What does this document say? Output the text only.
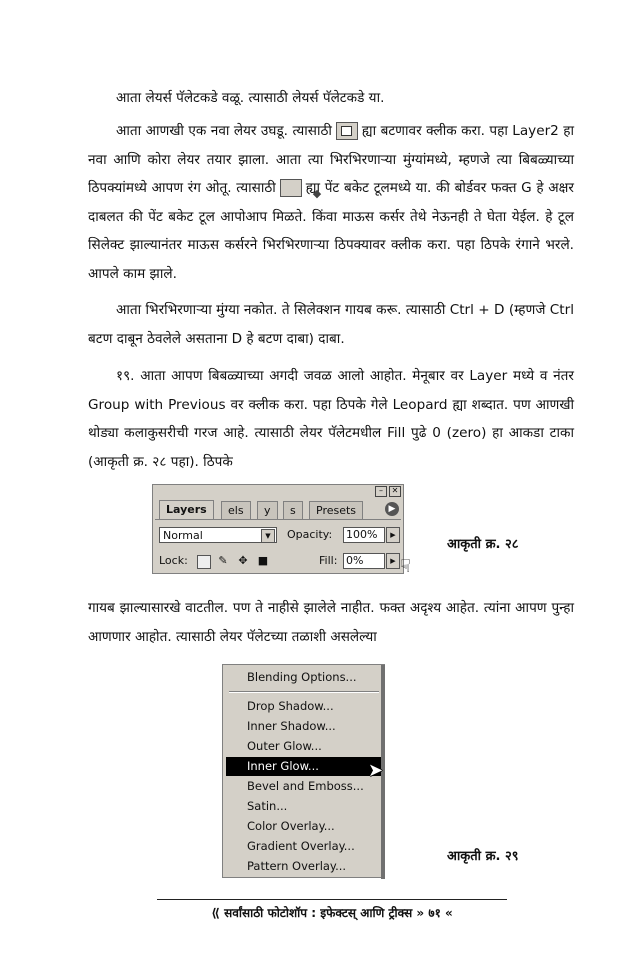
आता लेयर्स पॅलेटकडे वळू. त्यासाठी लेयर्स पॅलेटकडे या.

आता आणखी एक नवा लेयर उघडू. त्यासाठी ह्या बटणावर क्लीक करा. पहा Layer2 हा नवा आणि कोरा लेयर तयार झाला. आता त्या भिरभिरणाऱ्या मुंग्यांमध्ये, म्हणजे त्या बिबळ्याच्या ठिपक्यांमध्ये आपण रंग ओतू. त्यासाठी◆ ह्या पेंट बकेट टूलमध्ये या. की बोर्डवर फक्त G हे अक्षर दाबलत की पेंट बकेट टूल आपोआप मिळते. किंवा माऊस कर्सर तेथे नेऊनही ते घेता येईल. हे टूल सिलेक्ट झाल्यानंतर माऊस कर्सरने भिरभिरणाऱ्या ठिपक्यावर क्लीक करा. पहा ठिपके रंगाने भरले. आपले काम झाले.

आता भिरभिरणाऱ्या मुंग्या नकोत. ते सिलेक्शन गायब करू. त्यासाठी Ctrl + D (म्हणजे Ctrl बटण दाबून ठेवलेले असताना D हे बटण दाबा) दाबा.

१९. आता आपण बिबळ्याच्या अगदी जवळ आलो आहोत. मेनूबार वर Layer मध्ये व नंतर Group with Previous वर क्लीक करा. पहा ठिपके गेले Leopard ह्या शब्दात. पण आणखी थोड्या कलाकुसरीची गरज आहे. त्यासाठी लेयर पॅलेटमधील Fill पुढे 0 (zero) हा आकडा टाका (आकृती क्र. २८ पहा). ठिपके

–	✕
Layers	els	y	s	Presets	▶
Normal	▼	Opacity: 100%	▶
Lock:	✎ ✥ ■	Fill: 0%	▶ ☟
आकृती क्र. २८

गायब झाल्यासारखे वाटतील. पण ते नाहीसे झालेले नाहीत. फक्त अदृश्य आहेत. त्यांना आपण पुन्हा आणणार आहोत. त्यासाठी लेयर पॅलेटच्या तळाशी असलेल्या

Blending Options...
Drop Shadow...
Inner Shadow...
Outer Glow...
Inner Glow...
Bevel and Emboss...
Satin...
Color Overlay...
Gradient Overlay...
Pattern Overlay...
➤
आकृती क्र. २९
⟪ सर्वांसाठी फोटोशॉप : इफेक्टस् आणि ट्रीक्स » ७१ «
